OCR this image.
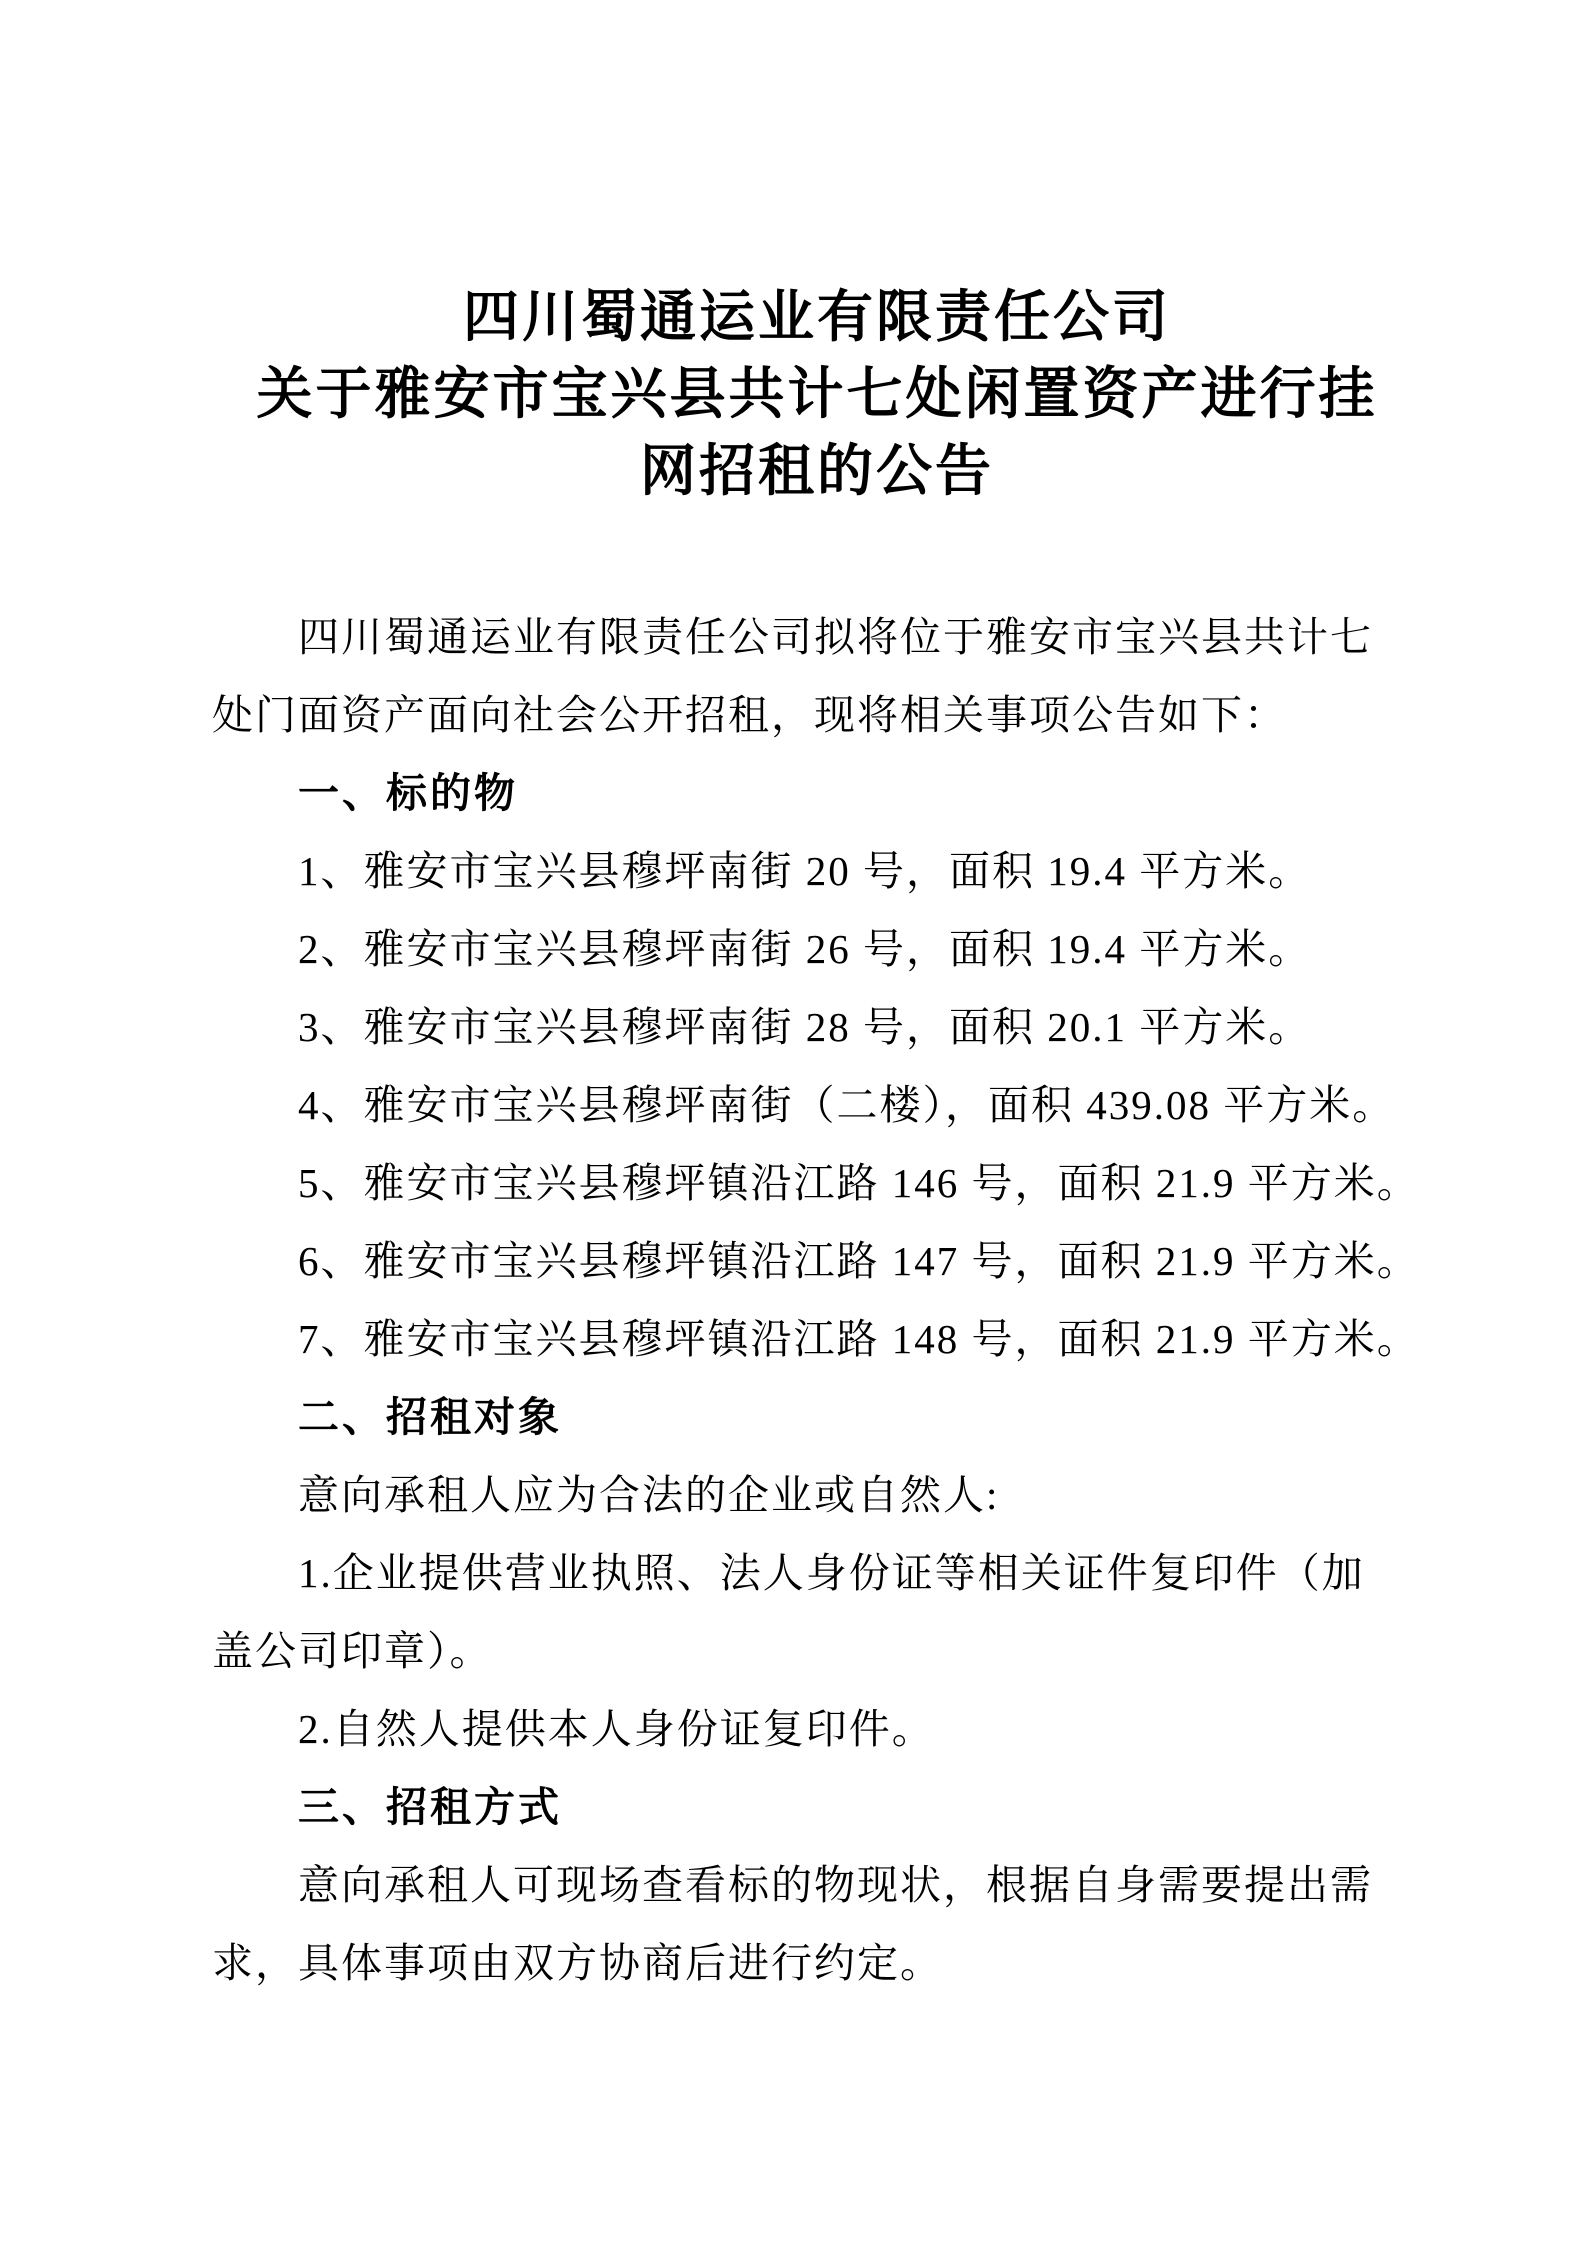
四川蜀通运业有限责任公司
关于雅安市宝兴县共计七处闲置资产进行挂
网招租的公告

四川蜀通运业有限责任公司拟将位于雅安市宝兴县共计七

处门面资产面向社会公开招租，现将相关事项公告如下：

一、标的物

1、雅安市宝兴县穆坪南街 20 号，面积 19.4 平方米。

2、雅安市宝兴县穆坪南街 26 号，面积 19.4 平方米。

3、雅安市宝兴县穆坪南街 28 号，面积 20.1 平方米。

4、雅安市宝兴县穆坪南街（二楼），面积 439.08 平方米。

5、雅安市宝兴县穆坪镇沿江路 146 号，面积 21.9 平方米。

6、雅安市宝兴县穆坪镇沿江路 147 号，面积 21.9 平方米。

7、雅安市宝兴县穆坪镇沿江路 148 号，面积 21.9 平方米。

二、招租对象

意向承租人应为合法的企业或自然人:

1.企业提供营业执照、法人身份证等相关证件复印件（加

盖公司印章）。

2.自然人提供本人身份证复印件。

三、招租方式

意向承租人可现场查看标的物现状，根据自身需要提出需

求，具体事项由双方协商后进行约定。
